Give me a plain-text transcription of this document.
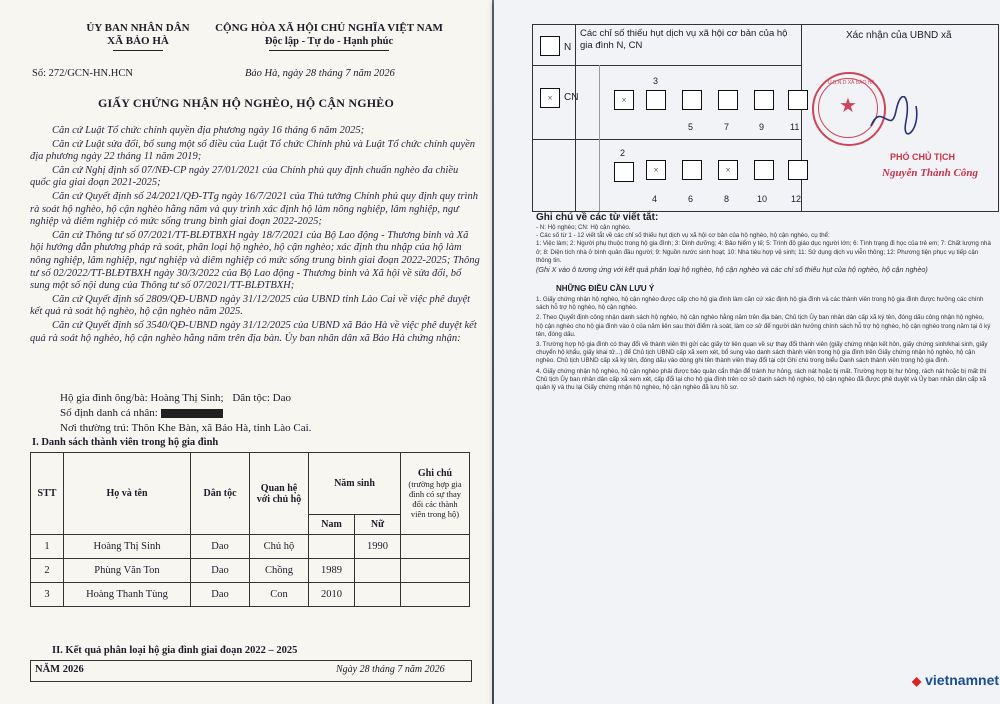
ỦY BAN NHÂN DÂN
XÃ BẢO HÀ
CỘNG HÒA XÃ HỘI CHỦ NGHĨA VIỆT NAM
Độc lập - Tự do - Hạnh phúc
Số: 272/GCN-HN.HCN	Bảo Hà, ngày 28 tháng 7 năm 2026
GIẤY CHỨNG NHẬN HỘ NGHÈO, HỘ CẬN NGHÈO

Căn cứ Luật Tổ chức chính quyền địa phương ngày 16 tháng 6 năm 2025;

Căn cứ Luật sửa đổi, bổ sung một số điều của Luật Tổ chức Chính phủ và Luật Tổ chức chính quyền địa phương ngày 22 tháng 11 năm 2019;

Căn cứ Nghị định số 07/NĐ-CP ngày 27/01/2021 của Chính phủ quy định chuẩn nghèo đa chiều quốc gia giai đoạn 2021-2025;

Căn cứ Quyết định số 24/2021/QĐ-TTg ngày 16/7/2021 của Thủ tướng Chính phủ quy định quy trình rà soát hộ nghèo, hộ cận nghèo hằng năm và quy trình xác định hộ làm nông nghiệp, lâm nghiệp, ngư nghiệp và diêm nghiệp có mức sống trung bình giai đoạn 2022-2025;

Căn cứ Thông tư số 07/2021/TT-BLĐTBXH ngày 18/7/2021 của Bộ Lao động - Thương binh và Xã hội hướng dẫn phương pháp rà soát, phân loại hộ nghèo, hộ cận nghèo; xác định thu nhập của hộ làm nông nghiệp, lâm nghiệp, ngư nghiệp và diêm nghiệp có mức sống trung bình giai đoạn 2022-2025; Thông tư số 02/2022/TT-BLĐTBXH ngày 30/3/2022 của Bộ Lao động - Thương binh và Xã hội về sửa đổi, bổ sung một số nội dung của Thông tư số 07/2021/TT-BLĐTBXH;

Căn cứ Quyết định số 2809/QĐ-UBND ngày 31/12/2025 của UBND tỉnh Lào Cai về việc phê duyệt kết quả rà soát hộ nghèo, hộ cận nghèo năm 2025.

Căn cứ Quyết định số 3540/QĐ-UBND ngày 31/12/2025 của UBND xã Bảo Hà về việc phê duyệt kết quả rà soát hộ nghèo, hộ cận nghèo hằng năm trên địa bàn. Ủy ban nhân dân xã Bảo Hà chứng nhận:

Hộ gia đình ông/bà: Hoàng Thị Sinh; Dân tộc: Dao
Số định danh cá nhân:
Nơi thường trú: Thôn Khe Bàn, xã Bảo Hà, tỉnh Lào Cai.
I. Danh sách thành viên trong hộ gia đình
STT	Họ và tên	Dân tộc	Quan hệ với chủ hộ	Năm sinh		Ghi chú
(trường hợp gia đình có sự thay đổi các thành viên trong hộ)

				Nam	Nữ	
1	Hoàng Thị Sinh	Dao	Chủ hộ		1990	
2	Phùng Văn Ton	Dao	Chồng	1989		
3	Hoàng Thanh Tùng	Dao	Con	2010		
II. Kết quả phân loại hộ gia đình giai đoạn 2022 – 2025
NĂM 2026	Ngày 28 tháng 7 năm 2026
N
Các chỉ số thiếu hụt dịch vụ xã hội cơ bản của hộ gia đình N, CN
Xác nhận của UBND xã
×	CN
3
×
5	7	9	11
2
×	×
4	6	8	10	12
★
U.B.N.D XÃ BẢO HÀ
PHÓ CHỦ TỊCH
Nguyễn Thành Công
Ghi chú về các từ viết tắt:
- N: Hộ nghèo; CN: Hộ cận nghèo.
- Các số từ 1 - 12 viết tắt về các chỉ số thiếu hụt dịch vụ xã hội cơ bản của hộ nghèo, hộ cận nghèo, cụ thể:
1: Việc làm; 2: Người phụ thuộc trong hộ gia đình; 3: Dinh dưỡng; 4: Bảo hiểm y tế; 5: Trình độ giáo dục người lớn; 6: Tình trạng đi học của trẻ em; 7: Chất lượng nhà ở; 8: Diện tích nhà ở bình quân đầu người; 9: Nguồn nước sinh hoạt; 10: Nhà tiêu hợp vệ sinh; 11: Sử dụng dịch vụ viễn thông; 12: Phương tiện phục vụ tiếp cận thông tin.
(Ghi X vào ô tương ứng với kết quả phân loại hộ nghèo, hộ cận nghèo và các chỉ số thiếu hụt của hộ nghèo, hộ cận nghèo)
NHỮNG ĐIỀU CẦN LƯU Ý
1. Giấy chứng nhận hộ nghèo, hộ cận nghèo được cấp cho hộ gia đình làm căn cứ xác định hộ gia đình và các thành viên trong hộ gia đình được hưởng các chính sách hỗ trợ hộ nghèo, hộ cận nghèo.
2. Theo Quyết định công nhận danh sách hộ nghèo, hộ cận nghèo hằng năm trên địa bàn, Chủ tịch Ủy ban nhân dân cấp xã ký tên, đóng dấu công nhận hộ nghèo, hộ cận nghèo cho hộ gia đình vào ô của năm liên sau thời điểm rà soát, làm cơ sở để người dân hưởng chính sách hỗ trợ hộ nghèo, hộ cận nghèo trong năm tại ô ký tên, đóng dấu.
3. Trường hợp hộ gia đình có thay đổi về thành viên thì gửi các giấy tờ liên quan về sự thay đổi thành viên (giấy chứng nhận kết hôn, giấy chứng sinh/khai sinh, giấy chuyển hộ khẩu, giấy khai tử...) để Chủ tịch UBND cấp xã xem xét, bổ sung vào danh sách thành viên trong hộ gia đình trên Giấy chứng nhận hộ nghèo, hộ cận nghèo. Chủ tịch UBND cấp xã ký tên, đóng dấu vào dòng ghi tên thành viên thay đổi tại cột Ghi chú trong biểu Danh sách thành viên trong hộ gia đình.
4. Giấy chứng nhận hộ nghèo, hộ cận nghèo phải được bảo quản cẩn thận để tránh hư hỏng, rách nát hoặc bị mất. Trường hợp bị hư hỏng, rách nát hoặc bị mất thì Chủ tịch Ủy ban nhân dân cấp xã xem xét, cấp đổi lại cho hộ gia đình trên cơ sở danh sách hộ nghèo, hộ cận nghèo đã được phê duyệt và Ủy ban nhân dân cấp xã quản lý và thu lại Giấy chứng nhận hộ nghèo, hộ cận nghèo đã lưu hồ sơ.
◆ vietnamnet
